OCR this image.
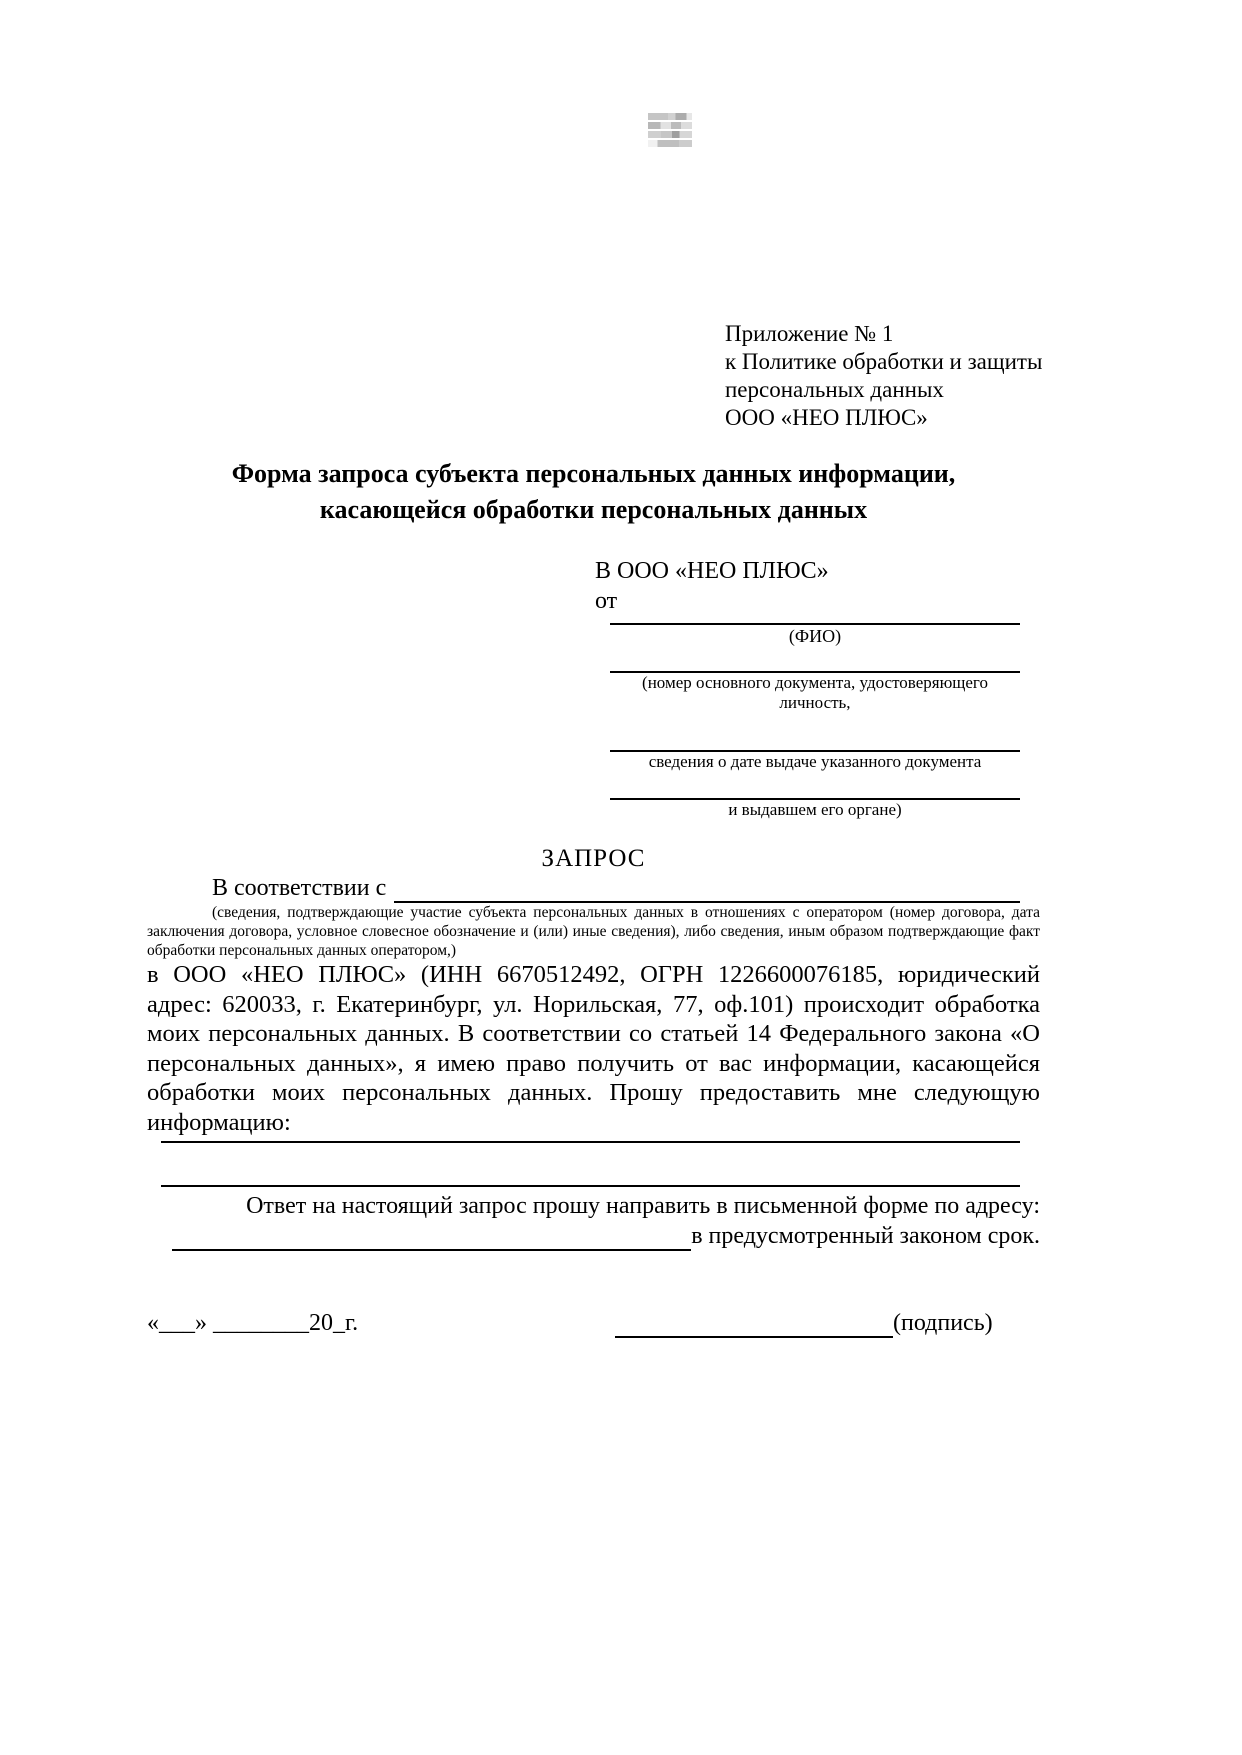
Приложение № 1
к Политике обработки и защиты
персональных данных
ООО «НЕО ПЛЮС»
Форма запроса субъекта персональных данных информации,
касающейся обработки персональных данных
В ООО «НЕО ПЛЮС»
от
(ФИО)
(номер основного документа, удостоверяющего личность,
сведения о дате выдаче указанного документа
и выдавшем его органе)
ЗАПРОС
В соответствии с
(сведения, подтверждающие участие субъекта персональных данных в отношениях с оператором (номер договора, дата заключения договора, условное словесное обозначение и (или) иные сведения), либо сведения, иным образом подтверждающие факт обработки персональных данных оператором,)
в ООО «НЕО ПЛЮС» (ИНН 6670512492, ОГРН 1226600076185, юридический адрес: 620033, г. Екатеринбург, ул. Норильская, 77, оф.101) происходит обработка моих персональных данных. В соответствии со статьей 14 Федерального закона «О персональных данных», я имею право получить от вас информации, касающейся обработки моих персональных данных. Прошу предоставить мне следующую информацию:
Ответ на настоящий запрос прошу направить в письменной форме по адресу:
в предусмотренный законом срок.
«___» ________20_г.	(подпись)
